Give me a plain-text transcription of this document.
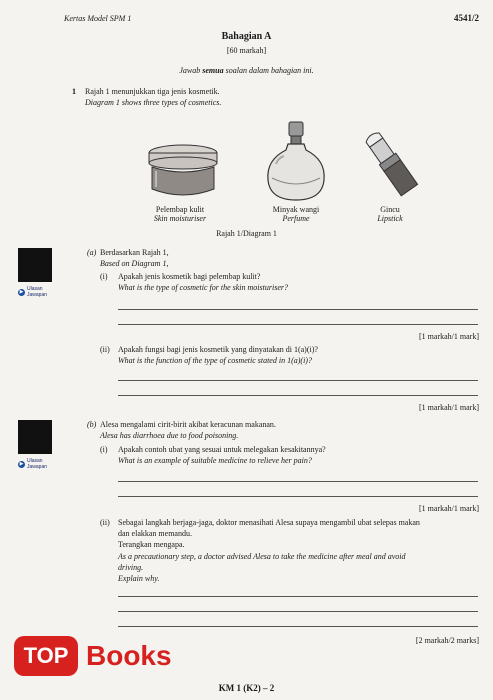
Kertas Model SPM 1	4541/2
Bahagian A
[60 markah]
Jawab semua soalan dalam bahagian ini.
1 Rajah 1 menunjukkan tiga jenis kosmetik.
Diagram 1 shows three types of cosmetics.
Pelembap kulit
Skin moisturiser
Minyak wangi
Perfume
Gincu
Lipstick
Rajah 1/Diagram 1
▶ Ulasan
Jawapan
(a) Berdasarkan Rajah 1,
Based on Diagram 1,
(i) Apakah jenis kosmetik bagi pelembap kulit?
What is the type of cosmetic for the skin moisturiser?
[1 markah/1 mark]
(ii) Apakah fungsi bagi jenis kosmetik yang dinyatakan di 1(a)(i)?
What is the function of the type of cosmetic stated in 1(a)(i)?
[1 markah/1 mark]
▶ Ulasan
Jawapan
(b) Alesa mengalami cirit-birit akibat keracunan makanan.
Alesa has diarrhoea due to food poisoning.
(i) Apakah contoh ubat yang sesuai untuk melegakan kesakitannya?
What is an example of suitable medicine to relieve her pain?
[1 markah/1 mark]
(ii) Sebagai langkah berjaga-jaga, doktor menasihati Alesa supaya mengambil ubat selepas makan
dan elakkan memandu.
Terangkan mengapa.
As a precautionary step, a doctor advised Alesa to take the medicine after meal and avoid
driving.
Explain why.
[2 markah/2 marks]
TOP Books
KM 1 (K2) – 2
